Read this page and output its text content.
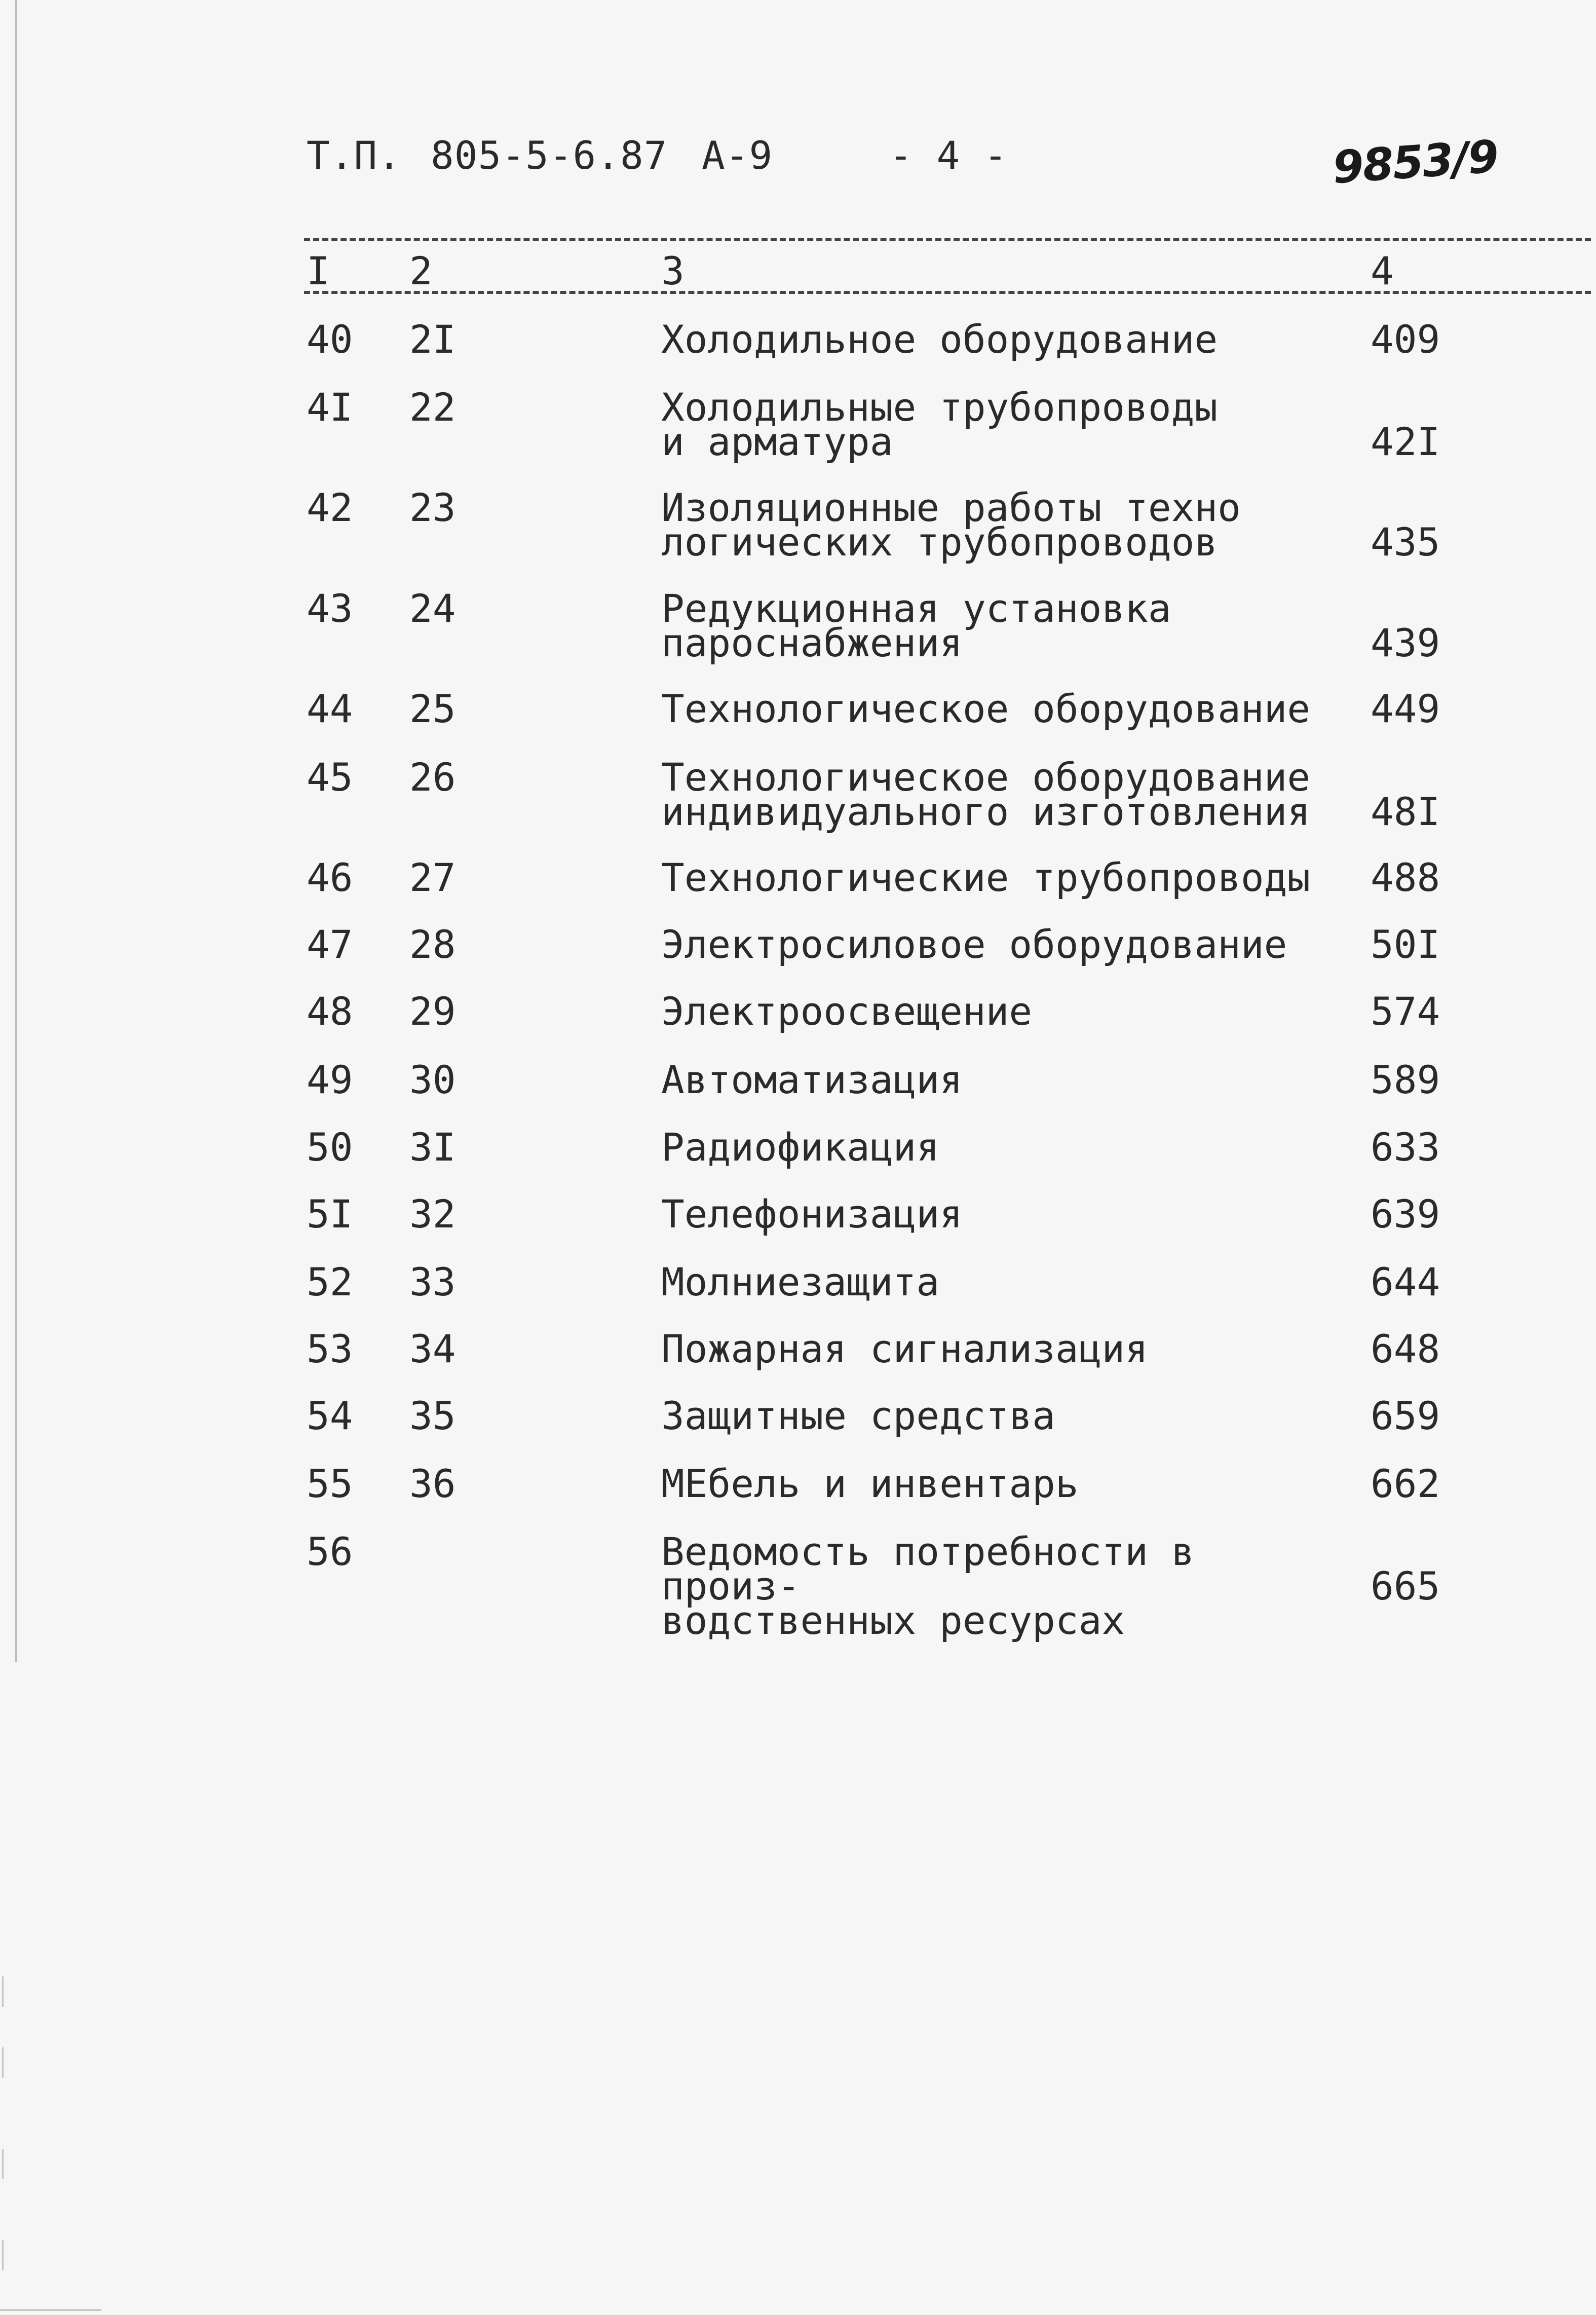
Т.П. 805-5-6.87 А-9	- 4 -	9853/9
I 2	3	4
40 2I	Холодильное оборудование	409
4I 22	Холодильные трубопроводы
и арматура	42I
42 23	Изоляционные работы техно
логических трубопроводов	435
43 24	Редукционная установка
пароснабжения	439
44 25	Технологическое оборудование 449
45 26	Технологическое оборудование
индивидуального изготовления 48I
46 27	Технологические трубопроводы 488
47 28	Электросиловое оборудование	50I
48 29	Электроосвещение	574
49 30	Автоматизация	589
50 3I	Радиофикация	633
5I 32	Телефонизация	639
52 33	Молниезащита	644
53 34	Пожарная сигнализация	648
54 35	Защитные средства	659
55 36	МЕбель и инвентарь	662
56	Ведомость потребности в произ-
водственных ресурсах
665
